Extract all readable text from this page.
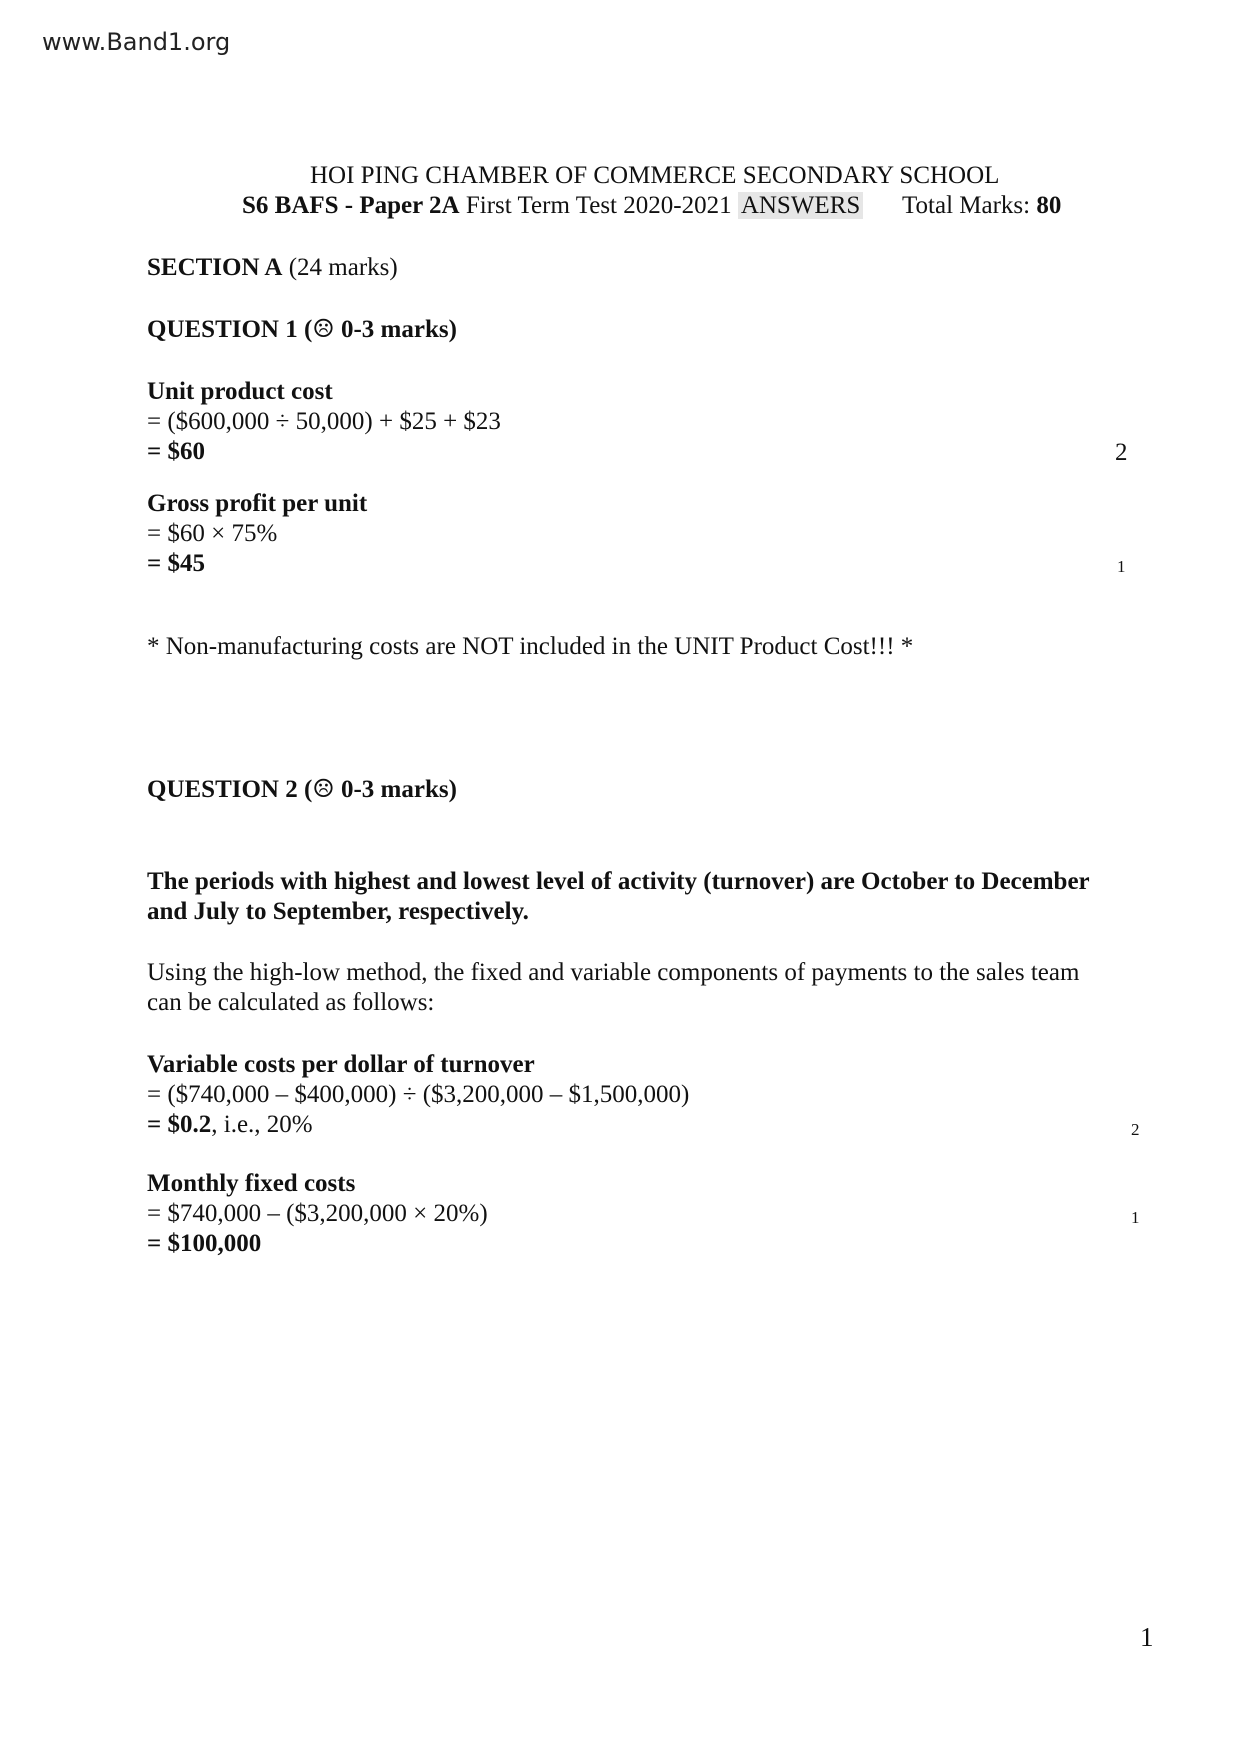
www.Band1.org
HOI PING CHAMBER OF COMMERCE SECONDARY SCHOOL
S6 BAFS - Paper 2A First Term Test 2020-2021 ANSWERS Total Marks: 80
SECTION A (24 marks)
QUESTION 1 (☹ 0-3 marks)
Unit product cost
= ($600,000 ÷ 50,000) + $25 + $23
= $60	2
Gross profit per unit
= $60 × 75%
= $45	1
* Non-manufacturing costs are NOT included in the UNIT Product Cost!!! *
QUESTION 2 (☹ 0-3 marks)
The periods with highest and lowest level of activity (turnover) are October to December
and July to September, respectively.
Using the high-low method, the fixed and variable components of payments to the sales team
can be calculated as follows:
Variable costs per dollar of turnover
= ($740,000 – $400,000) ÷ ($3,200,000 – $1,500,000)
= $0.2, i.e., 20%	2
Monthly fixed costs
= $740,000 – ($3,200,000 × 20%)
= $100,000
1
1
